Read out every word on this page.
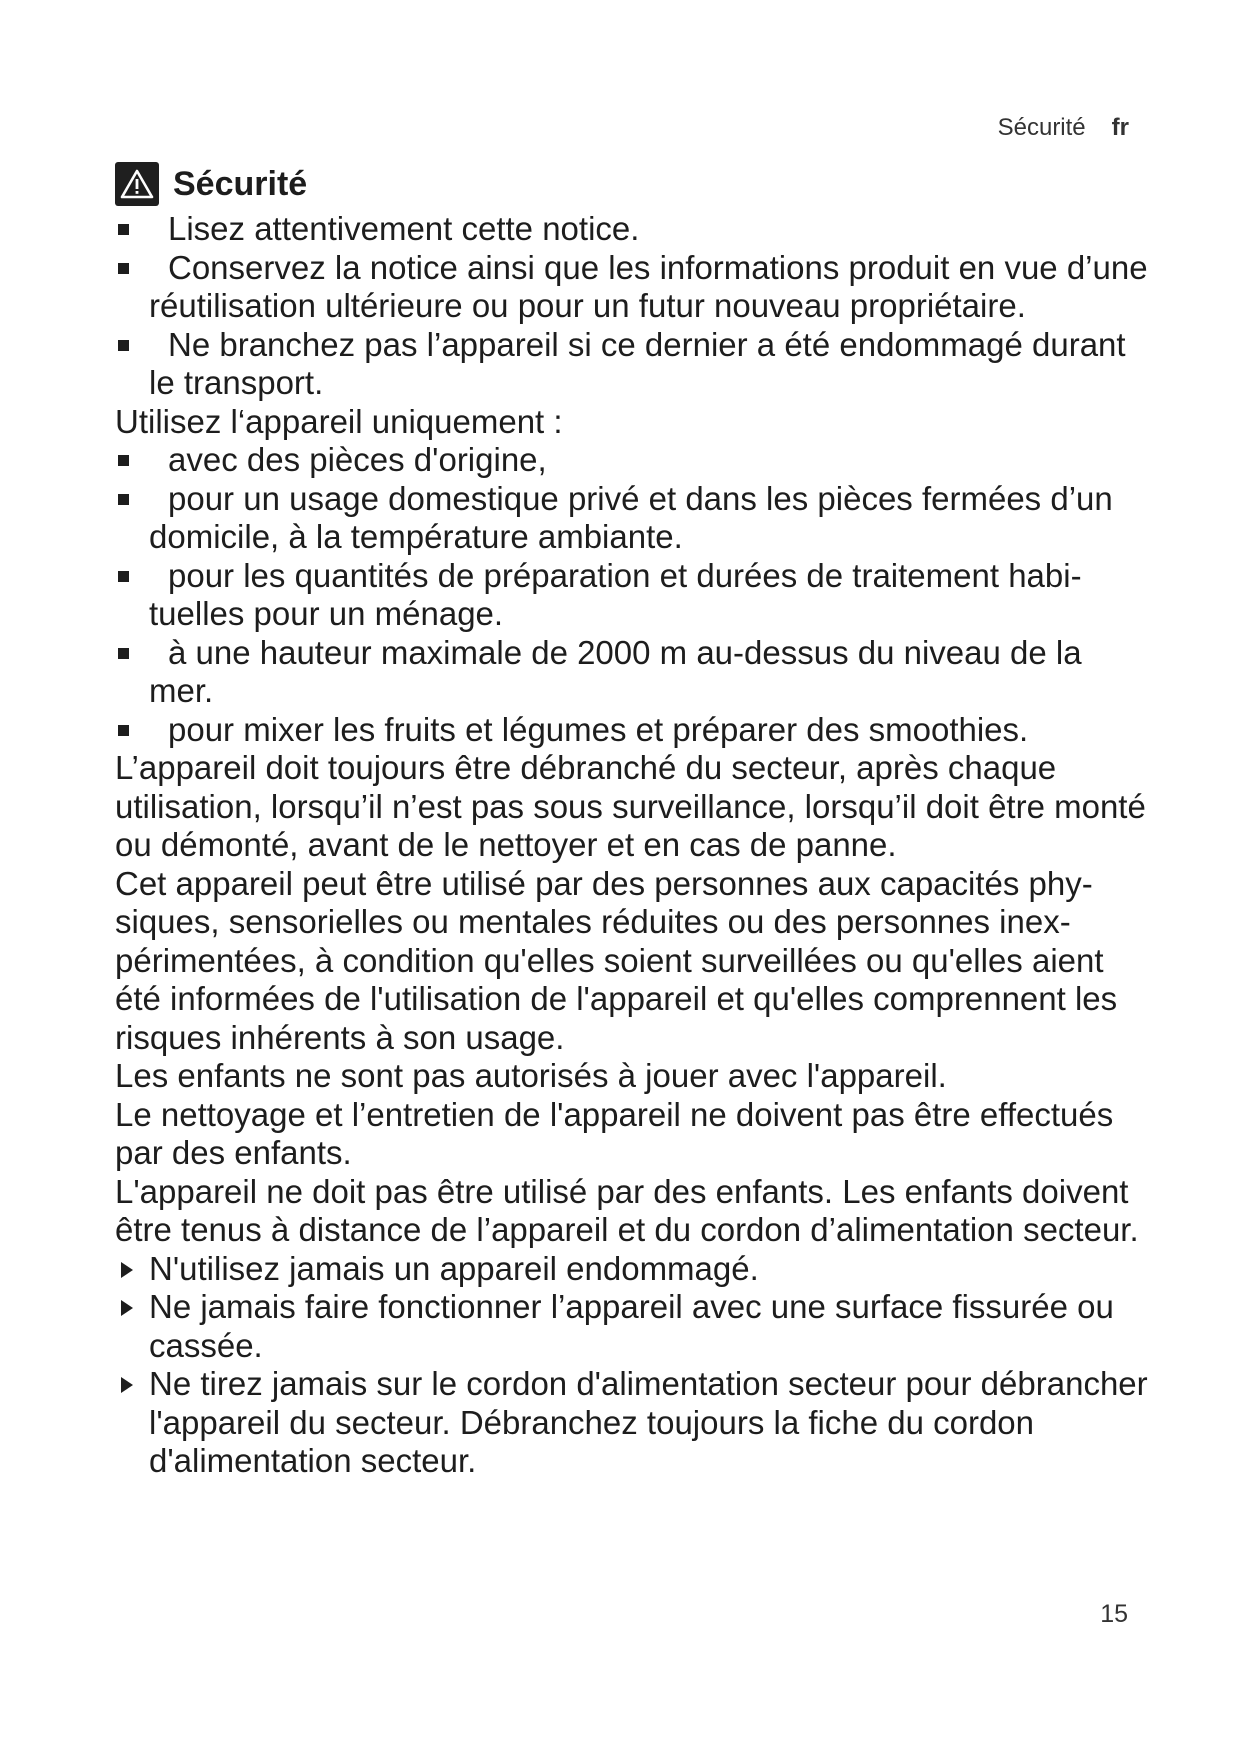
Sécurité fr
Sécurité
Lisez attentivement cette notice.
Conservez la notice ainsi que les informations produit en vue d’une réutilisation ultérieure ou pour un futur nouveau propriétaire.
Ne branchez pas l’appareil si ce dernier a été endommagé durant le transport.
Utilisez l‘appareil uniquement :
avec des pièces d'origine,
pour un usage domestique privé et dans les pièces fermées d’un domicile, à la température ambiante.
pour les quantités de préparation et durées de traitement habituelles pour un ménage.
à une hauteur maximale de 2000 m au-dessus du niveau de la mer.
pour mixer les fruits et légumes et préparer des smoothies.
L’appareil doit toujours être débranché du secteur, après chaque utilisation, lorsqu’il n’est pas sous surveillance, lorsqu’il doit être monté ou démonté, avant de le nettoyer et en cas de panne.
Cet appareil peut être utilisé par des personnes aux capacités physiques, sensorielles ou mentales réduites ou des personnes inexpérimentées, à condition qu'elles soient surveillées ou qu'elles aient été informées de l'utilisation de l'appareil et qu'elles comprennent les risques inhérents à son usage.
Les enfants ne sont pas autorisés à jouer avec l'appareil.
Le nettoyage et l’entretien de l'appareil ne doivent pas être effectués par des enfants.
L'appareil ne doit pas être utilisé par des enfants. Les enfants doivent être tenus à distance de l’appareil et du cordon d’alimentation secteur.
N'utilisez jamais un appareil endommagé.
Ne jamais faire fonctionner l’appareil avec une surface fissurée ou cassée.
Ne tirez jamais sur le cordon d'alimentation secteur pour débrancher l'appareil du secteur. Débranchez toujours la fiche du cordon d'alimentation secteur.
15
